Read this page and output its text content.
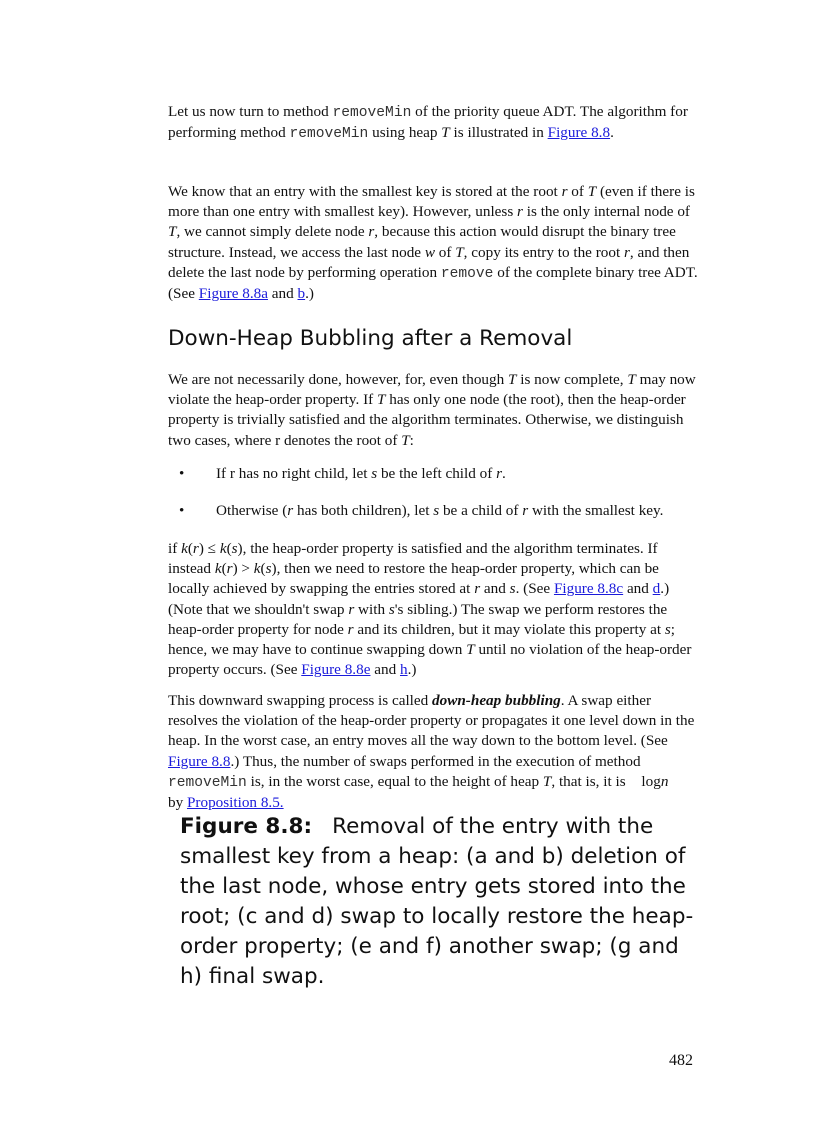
Let us now turn to method removeMin of the priority queue ADT. The algorithm for performing method removeMin using heap T is illustrated in Figure 8.8.

We know that an entry with the smallest key is stored at the root r of T (even if there is more than one entry with smallest key). However, unless r is the only internal node of T, we cannot simply delete node r, because this action would disrupt the binary tree structure. Instead, we access the last node w of T, copy its entry to the root r, and then delete the last node by performing operation remove of the complete binary tree ADT. (See Figure 8.8a and b.)

Down-Heap Bubbling after a Removal

We are not necessarily done, however, for, even though T is now complete, T may now violate the heap-order property. If T has only one node (the root), then the heap-order property is trivially satisfied and the algorithm terminates. Otherwise, we distinguish two cases, where r denotes the root of T:

• If r has no right child, let s be the left child of r.
• Otherwise (r has both children), let s be a child of r with the smallest key.

if k(r) ≤ k(s), the heap-order property is satisfied and the algorithm terminates. If instead k(r) > k(s), then we need to restore the heap-order property, which can be locally achieved by swapping the entries stored at r and s. (See Figure 8.8c and d.) (Note that we shouldn't swap r with s's sibling.) The swap we perform restores the heap-order property for node r and its children, but it may violate this property at s; hence, we may have to continue swapping down T until no violation of the heap-order property occurs. (See Figure 8.8e and h.)

This downward swapping process is called down-heap bubbling. A swap either resolves the violation of the heap-order property or propagates it one level down in the heap. In the worst case, an entry moves all the way down to the bottom level. (See Figure 8.8.) Thus, the number of swaps performed in the execution of method removeMin is, in the worst case, equal to the height of heap T, that is, it is logn by Proposition 8.5.

Figure 8.8: Removal of the entry with the smallest key from a heap: (a and b) deletion of the last node, whose entry gets stored into the root; (c and d) swap to locally restore the heap-order property; (e and f) another swap; (g and h) final swap.
482
